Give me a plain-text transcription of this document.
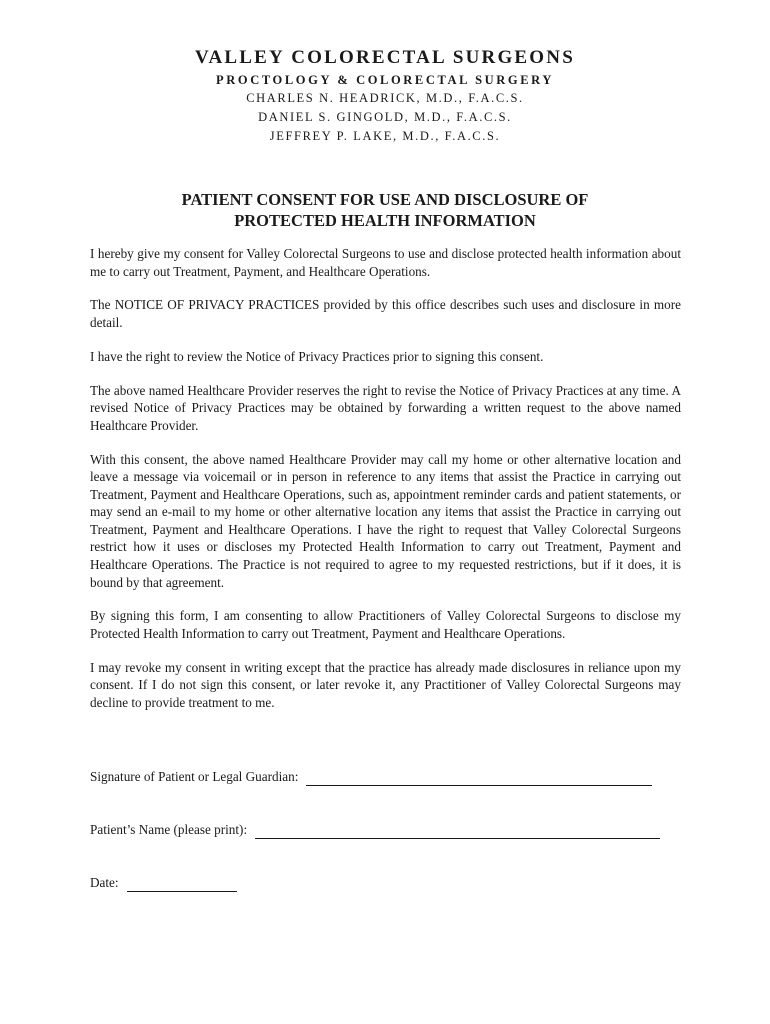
VALLEY COLORECTAL SURGEONS
PROCTOLOGY & COLORECTAL SURGERY
CHARLES N. HEADRICK, M.D., F.A.C.S.
DANIEL S. GINGOLD, M.D., F.A.C.S.
JEFFREY P. LAKE, M.D., F.A.C.S.
PATIENT CONSENT FOR USE AND DISCLOSURE OF
PROTECTED HEALTH INFORMATION

I hereby give my consent for Valley Colorectal Surgeons to use and disclose protected health information about me to carry out Treatment, Payment, and Healthcare Operations.

The NOTICE OF PRIVACY PRACTICES provided by this office describes such uses and disclosure in more detail.

I have the right to review the Notice of Privacy Practices prior to signing this consent.

The above named Healthcare Provider reserves the right to revise the Notice of Privacy Practices at any time. A revised Notice of Privacy Practices may be obtained by forwarding a written request to the above named Healthcare Provider.

With this consent, the above named Healthcare Provider may call my home or other alternative location and leave a message via voicemail or in person in reference to any items that assist the Practice in carrying out Treatment, Payment and Healthcare Operations, such as, appointment reminder cards and patient statements, or may send an e-mail to my home or other alternative location any items that assist the Practice in carrying out Treatment, Payment and Healthcare Operations. I have the right to request that Valley Colorectal Surgeons restrict how it uses or discloses my Protected Health Information to carry out Treatment, Payment and Healthcare Operations. The Practice is not required to agree to my requested restrictions, but if it does, it is bound by that agreement.

By signing this form, I am consenting to allow Practitioners of Valley Colorectal Surgeons to disclose my Protected Health Information to carry out Treatment, Payment and Healthcare Operations.

I may revoke my consent in writing except that the practice has already made disclosures in reliance upon my consent. If I do not sign this consent, or later revoke it, any Practitioner of Valley Colorectal Surgeons may decline to provide treatment to me.

Signature of Patient or Legal Guardian:
Patient’s Name (please print):
Date:
